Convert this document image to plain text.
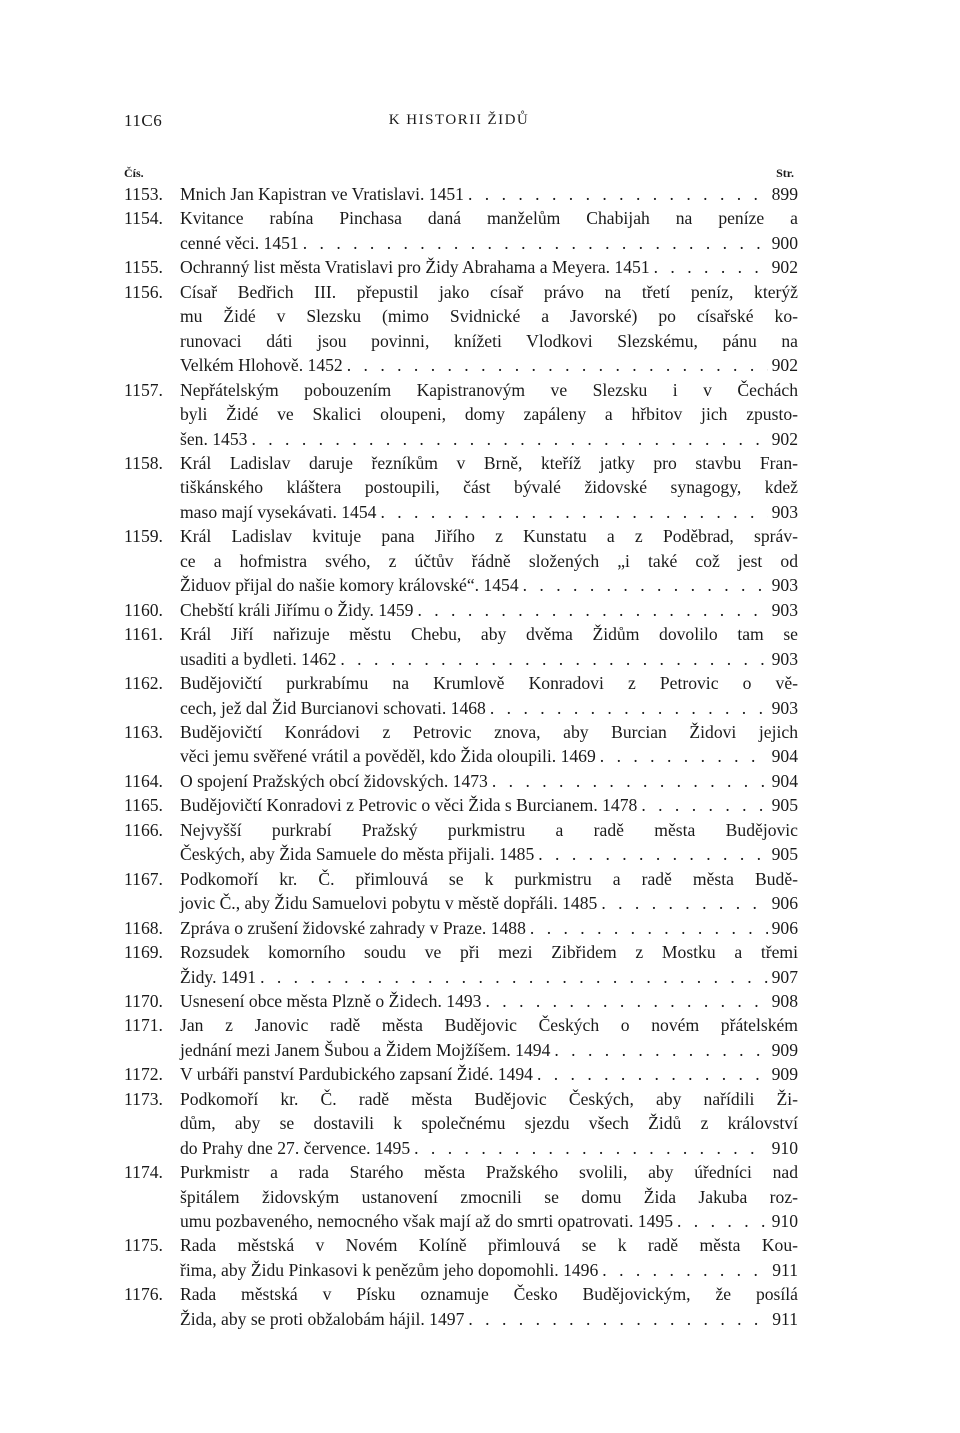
11C6	K HISTORII ŽIDŮ
Čís.	Str.
1153. Mnich Jan Kapistran ve Vratislavi. 1451 . . .	899
1154. Kvitance rabína Pinchasa daná manželům Chabijah na peníze a
cenné věci. 1451 . . .	900
1155. Ochranný list města Vratislavi pro Židy Abrahama a Meyera. 1451 . . .	902
1156. Císař Bedřich III. přepustil jako císař právo na třetí peníz, kterýž
mu Židé v Slezsku (mimo Svidnické a Javorské) po císařské ko-
runovaci dáti jsou povinni, knížeti Vlodkovi Slezskému, pánu na
Velkém Hlohově. 1452 . . .	902
1157. Nepřátelským pobouzením Kapistranovým ve Slezsku i v Čechách
byli Židé ve Skalici oloupeni, domy zapáleny a hřbitov jich zpusto-
šen. 1453 . . .	902
1158. Král Ladislav daruje řezníkům v Brně, kteříž jatky pro stavbu Fran-
tiškánského kláštera postoupili, část bývalé židovské synagogy, kdež
maso mají vysekávati. 1454 . . .	903
1159. Král Ladislav kvituje pana Jiřího z Kunstatu a z Poděbrad, správ-
ce a hofmistra svého, z účtův řádně složených „i také což jest od
Židuov přijal do našie komory královské“. 1454 . . .	903
1160. Chebští králi Jiřímu o Židy. 1459 . . .	903
1161. Král Jiří nařizuje městu Chebu, aby dvěma Židům dovolilo tam se
usaditi a bydleti. 1462 . . .	903
1162. Budějovičtí purkrabímu na Krumlově Konradovi z Petrovic o vě-
cech, jež dal Žid Burcianovi schovati. 1468 . . .	903
1163. Budějovičtí Konrádovi z Petrovic znova, aby Burcian Židovi jejich
věci jemu svěřené vrátil a pověděl, kdo Žida oloupili. 1469 . . .	904
1164. O spojení Pražských obcí židovských. 1473 . . .	904
1165. Budějovičtí Konradovi z Petrovic o věci Žida s Burcianem. 1478 . . .	905
1166. Nejvyšší purkrabí Pražský purkmistru a radě města Budějovic
Českých, aby Žida Samuele do města přijali. 1485 . . .	905
1167. Podkomoří kr. Č. přimlouvá se k purkmistru a radě města Budě-
jovic Č., aby Židu Samuelovi pobytu v městě dopřáli. 1485 . . .	906
1168. Zpráva o zrušení židovské zahrady v Praze. 1488 . . .	906
1169. Rozsudek komorního soudu ve při mezi Zibřidem z Mostku a třemi
Židy. 1491 . . .	907
1170. Usnesení obce města Plzně o Židech. 1493 . . .	908
1171. Jan z Janovic radě města Budějovic Českých o novém přátelském
jednání mezi Janem Šubou a Židem Mojžíšem. 1494 . . .	909
1172. V urbáři panství Pardubického zapsaní Židé. 1494 . . .	909
1173. Podkomoří kr. Č. radě města Budějovic Českých, aby nařídili Ži-
dům, aby se dostavili k společnému sjezdu všech Židů z království
do Prahy dne 27. července. 1495 . . .	910
1174. Purkmistr a rada Starého města Pražského svolili, aby úředníci nad
špitálem židovským ustanovení zmocnili se domu Žida Jakuba roz-
umu pozbaveného, nemocného však mají až do smrti opatrovati. 1495 . . .	910
1175. Rada městská v Novém Kolíně přimlouvá se k radě města Kou-
řima, aby Židu Pinkasovi k penězům jeho dopomohli. 1496 . . .	911
1176. Rada městská v Písku oznamuje Česko Budějovickým, že posílá
Žida, aby se proti obžalobám hájil. 1497 . . .	911
